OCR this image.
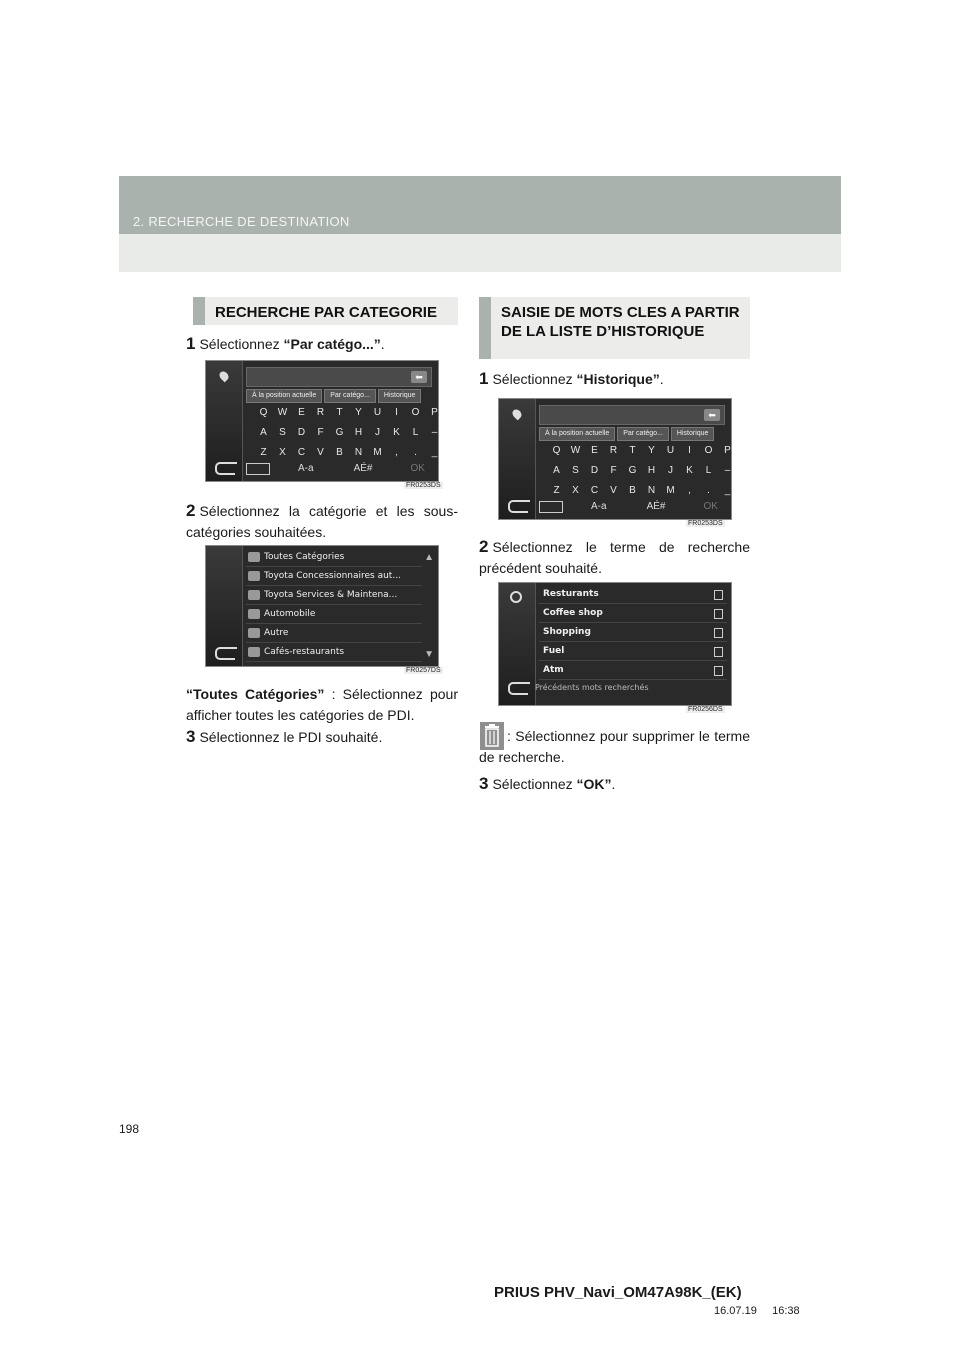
2. RECHERCHE DE DESTINATION
RECHERCHE PAR CATEGORIE
1 Sélectionnez “Par catégo...”.
⬅
À la position actuelle	Par catégo...	Historique
Q	W	E	R	T	Y	U	I	O	P
A	S	D	F	G	H	J	K	L	–
Z	X	C	V	B	N	M	,	.	_
A-a	AÉ#	OK
FR0253DS
2 Sélectionnez la catégorie et les sous-catégories souhaitées.
Toutes Catégories
Toyota Concessionnaires aut...
Toyota Services & Maintena...
Automobile
Autre
Cafés-restaurants
▲
▼
FR0257DS
“Toutes Catégories” : Sélectionnez pour afficher toutes les catégories de PDI.
3 Sélectionnez le PDI souhaité.
SAISIE DE MOTS CLES A PARTIR DE LA LISTE D’HISTORIQUE
1 Sélectionnez “Historique”.
⬅
À la position actuelle	Par catégo...	Historique
Q	W	E	R	T	Y	U	I	O	P
A	S	D	F	G	H	J	K	L	–
Z	X	C	V	B	N	M	,	.	_
A-a	AÉ#	OK
FR0253DS
2 Sélectionnez le terme de recherche précédent souhaité.
Resturants
Coffee shop
Shopping
Fuel
Atm
Précédents mots recherchés
FR0256DS
: Sélectionnez pour supprimer le terme de recherche.
3 Sélectionnez “OK”.
198
PRIUS PHV_Navi_OM47A98K_(EK)
16.07.19     16:38
